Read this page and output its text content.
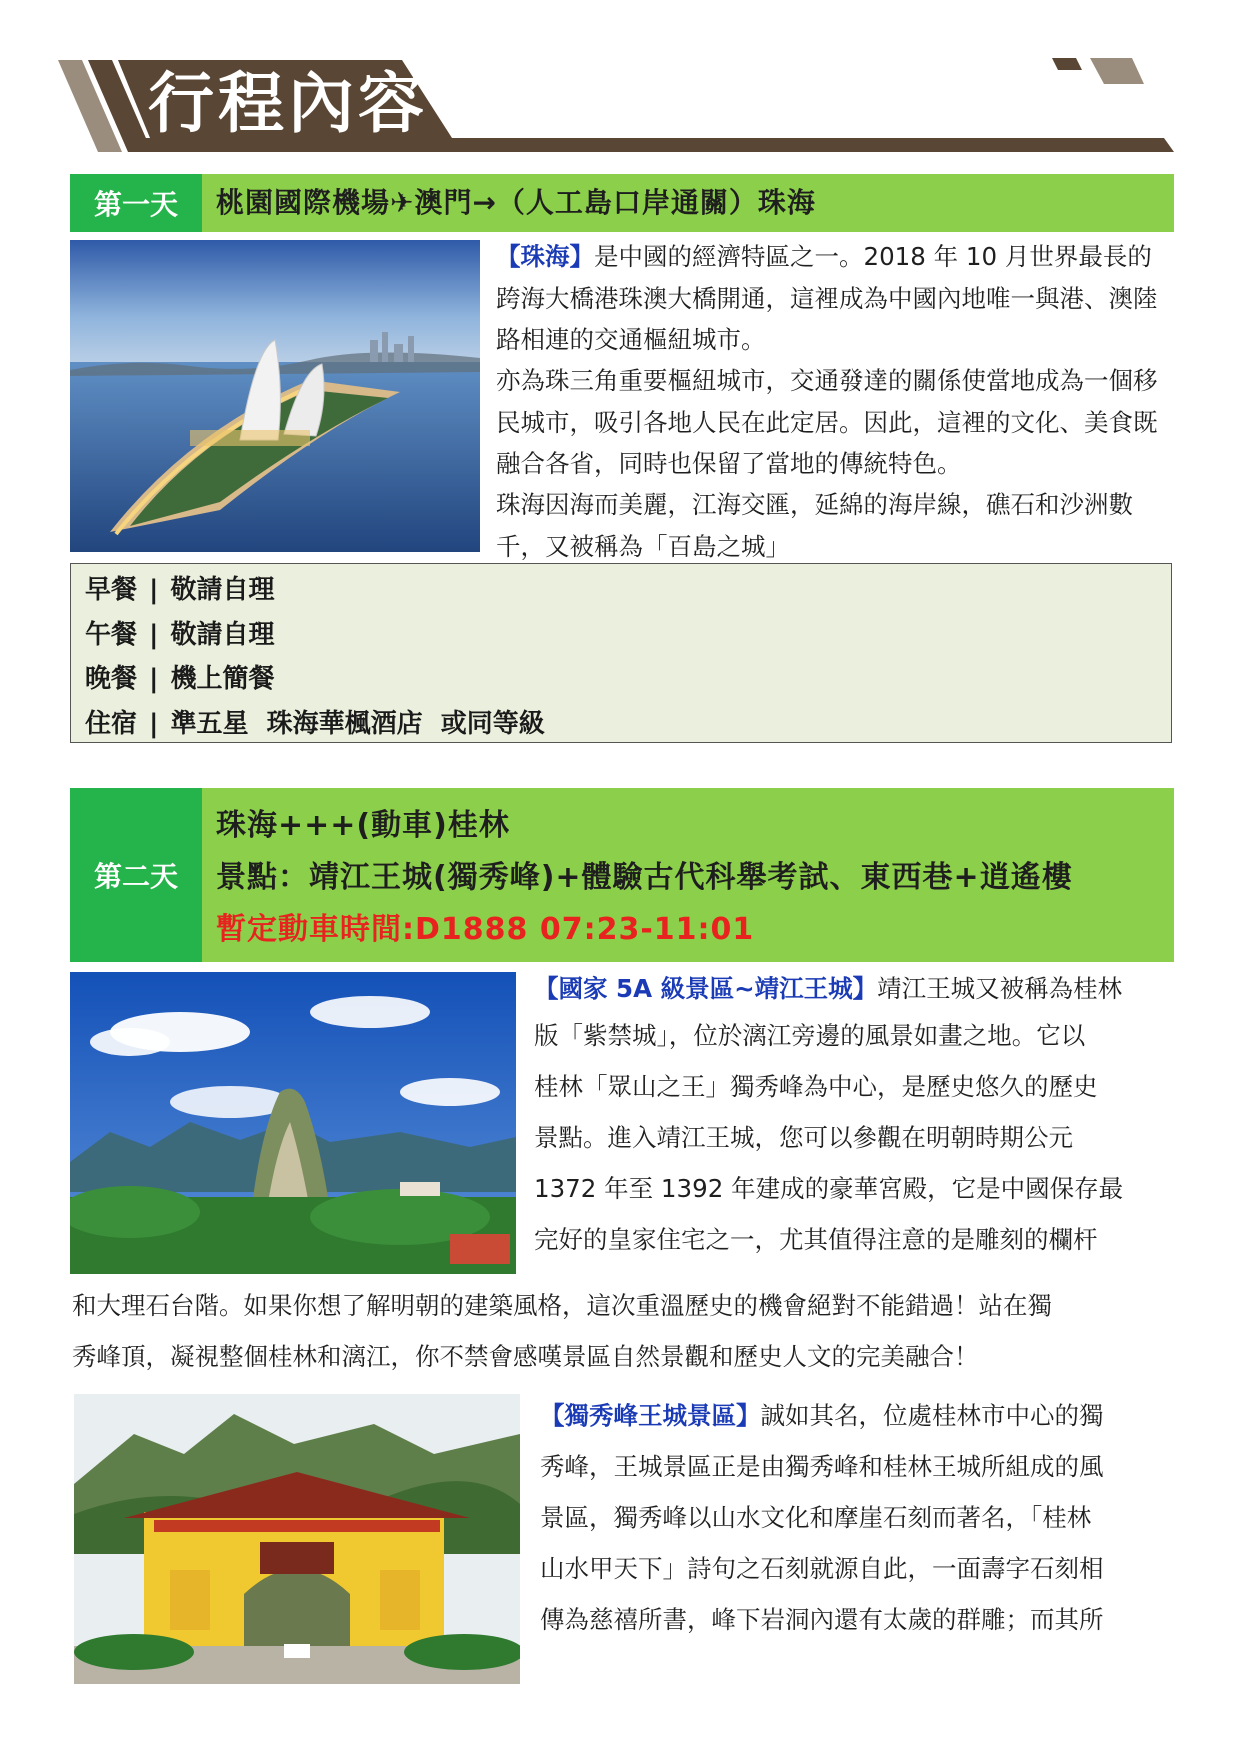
行程內容
第一天	桃園國際機場✈澳門→（人工島口岸通關）珠海

【珠海】是中國的經濟特區之一。2018 年 10 月世界最長的跨海大橋港珠澳大橋開通，這裡成為中國內地唯一與港、澳陸路相連的交通樞紐城市。

亦為珠三角重要樞紐城市，交通發達的關係使當地成為一個移民城市，吸引各地人民在此定居。因此，這裡的文化、美食既融合各省，同時也保留了當地的傳統特色。

珠海因海而美麗，江海交匯，延綿的海岸線，礁石和沙洲數千，又被稱為「百島之城」

早餐 | 敬請自理
午餐 | 敬請自理
晚餐 | 機上簡餐
住宿 | 準五星  珠海華楓酒店  或同等級
第二天
珠海+++(動車)桂林
景點：靖江王城(獨秀峰)+體驗古代科舉考試、東西巷+逍遙樓
暫定動車時間:D1888 07:23-11:01

【國家 5A 級景區~靖江王城】靖江王城又被稱為桂林

版「紫禁城」，位於漓江旁邊的風景如畫之地。它以

桂林「眾山之王」獨秀峰為中心，是歷史悠久的歷史

景點。進入靖江王城，您可以參觀在明朝時期公元

1372 年至 1392 年建成的豪華宮殿，它是中國保存最

完好的皇家住宅之一，尤其值得注意的是雕刻的欄杆

和大理石台階。如果你想了解明朝的建築風格，這次重溫歷史的機會絕對不能錯過！站在獨

秀峰頂，凝視整個桂林和漓江，你不禁會感嘆景區自然景觀和歷史人文的完美融合！

【獨秀峰王城景區】誠如其名，位處桂林市中心的獨

秀峰，王城景區正是由獨秀峰和桂林王城所組成的風

景區，獨秀峰以山水文化和摩崖石刻而著名，「桂林

山水甲天下」詩句之石刻就源自此，一面壽字石刻相

傳為慈禧所書，峰下岩洞內還有太歲的群雕；而其所
